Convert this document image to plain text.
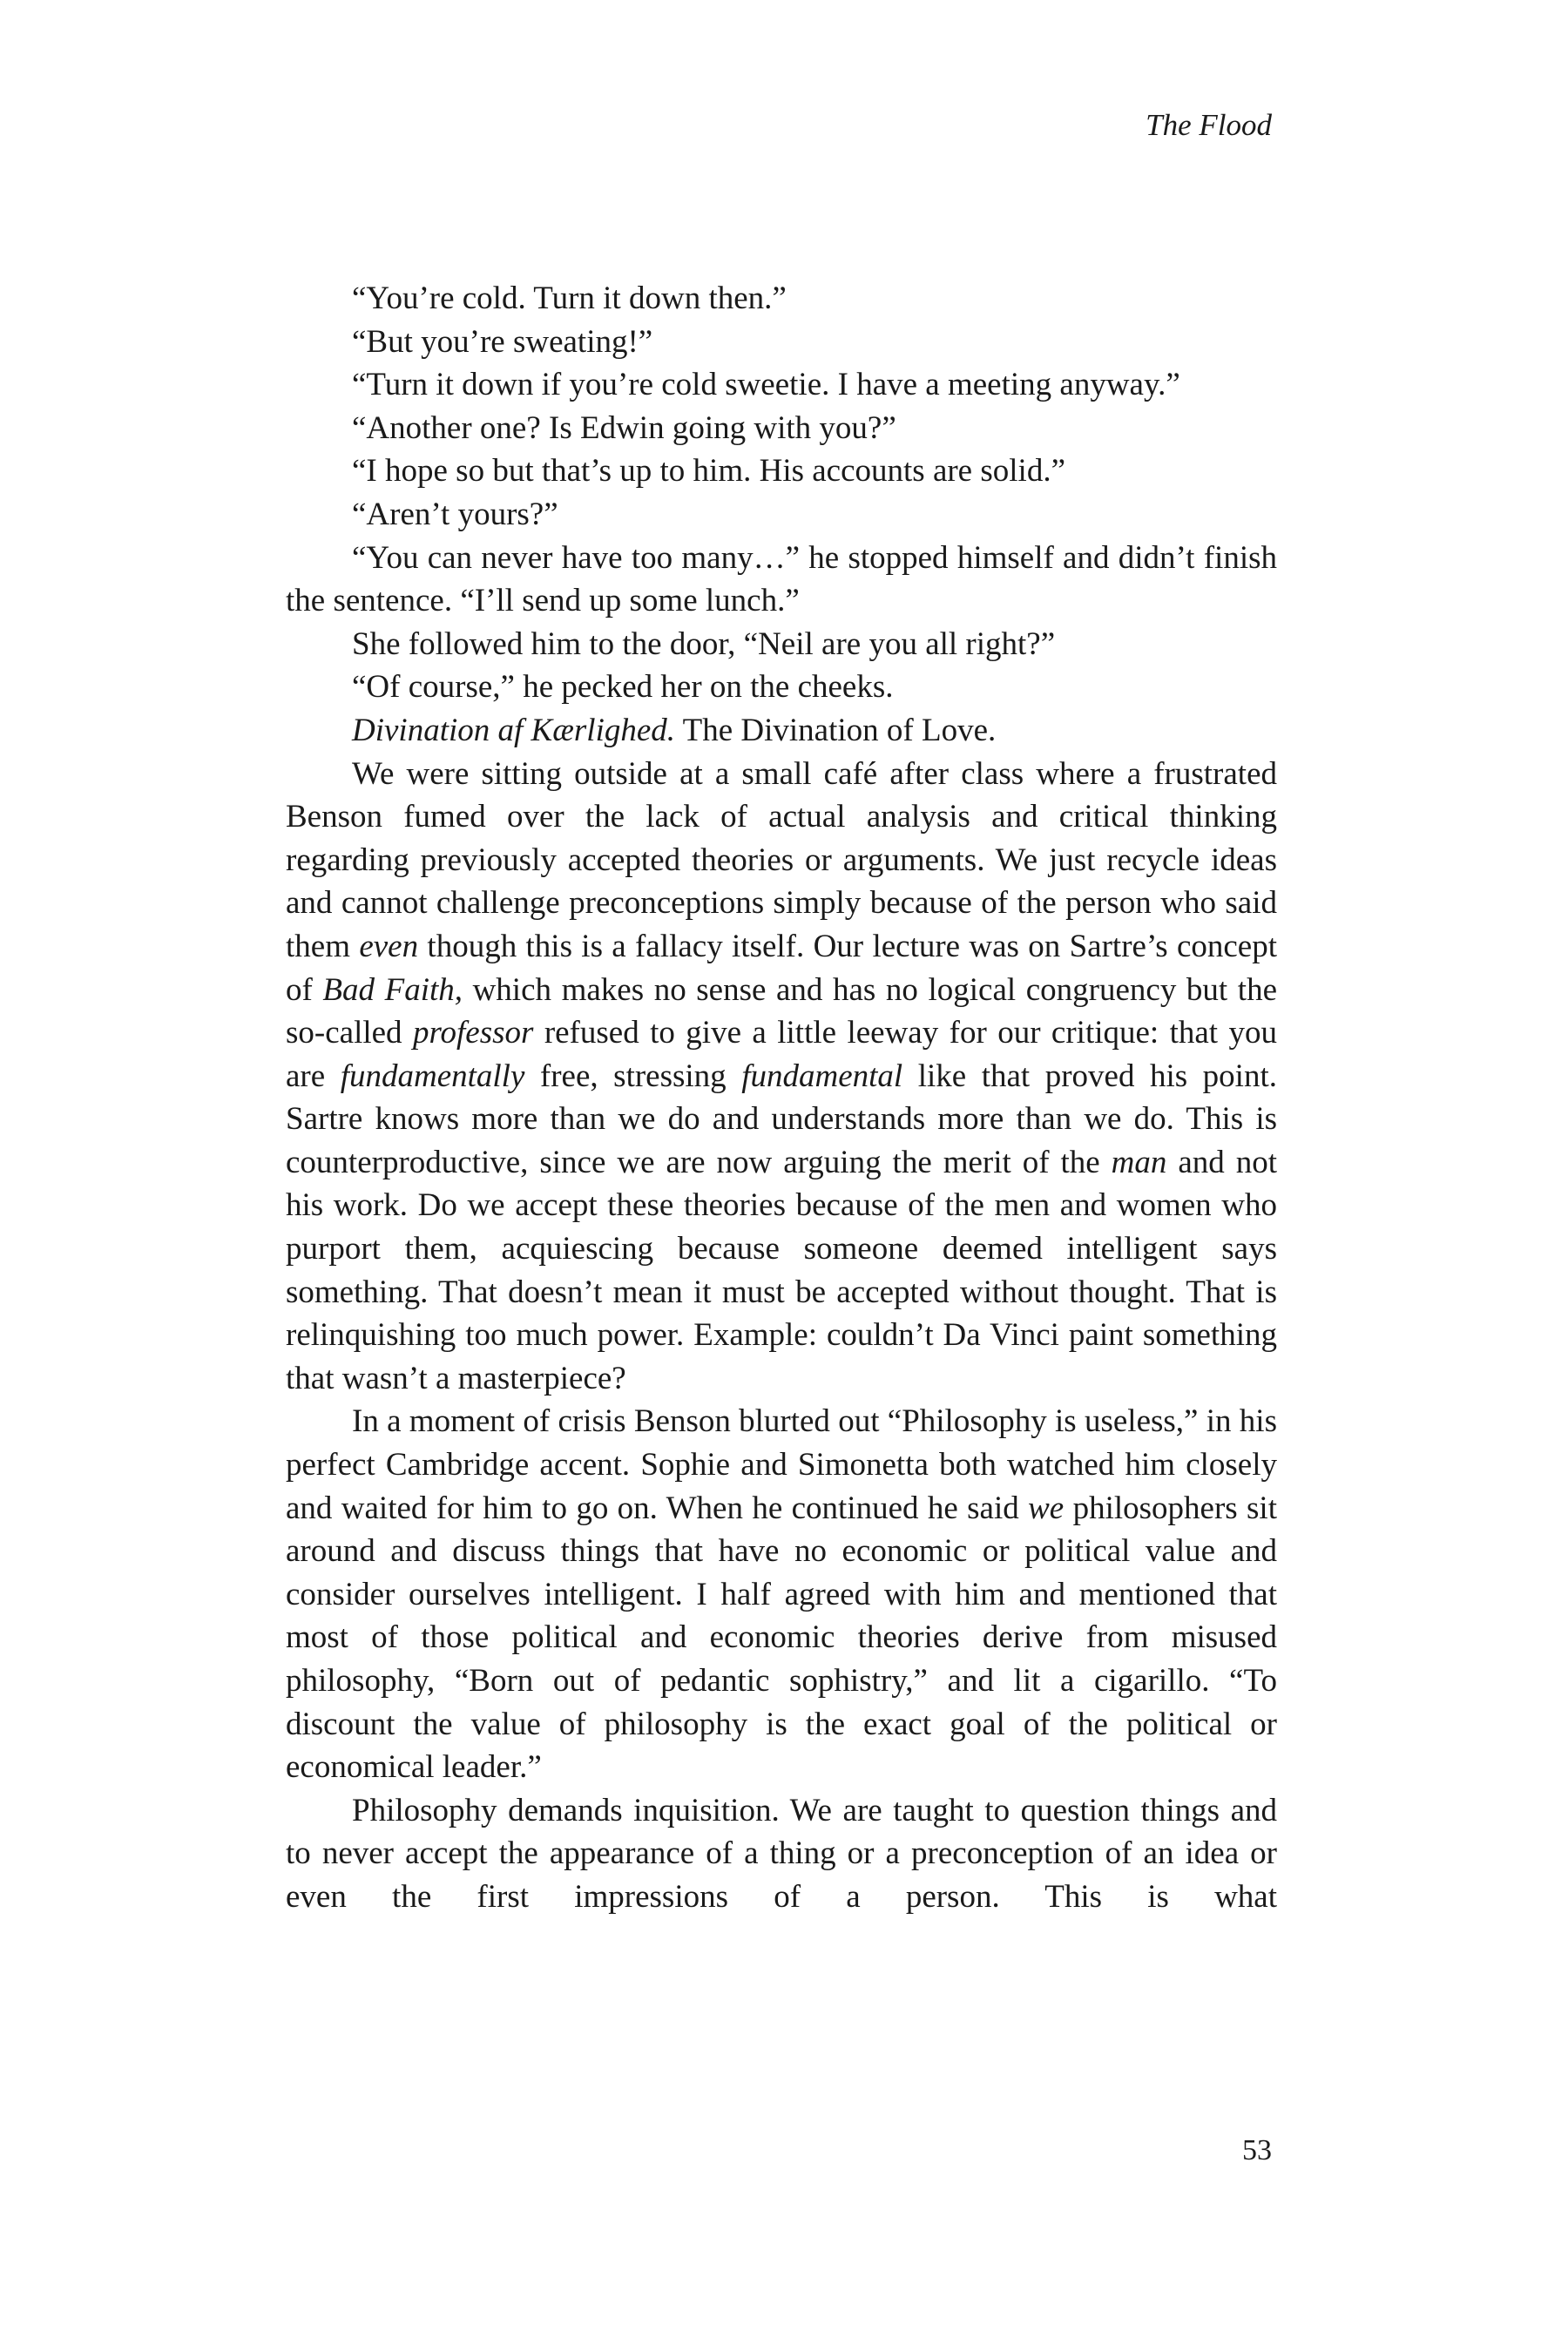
The Flood

“You’re cold. Turn it down then.”

“But you’re sweating!”

“Turn it down if you’re cold sweetie. I have a meeting anyway.”

“Another one? Is Edwin going with you?”

“I hope so but that’s up to him. His accounts are solid.”

“Aren’t yours?”

“You can never have too many…” he stopped himself and didn’t finish the sentence. “I’ll send up some lunch.”

She followed him to the door, “Neil are you all right?”

“Of course,” he pecked her on the cheeks.

Divination af Kærlighed. The Divination of Love.

We were sitting outside at a small café after class where a frustrated Benson fumed over the lack of actual analysis and critical thinking regarding previously accepted theories or arguments. We just recycle ideas and cannot challenge preconceptions simply because of the person who said them even though this is a fallacy itself. Our lecture was on Sartre’s concept of Bad Faith, which makes no sense and has no logical congruency but the so-called professor refused to give a little leeway for our critique: that you are fundamentally free, stressing fundamental like that proved his point. Sartre knows more than we do and understands more than we do. This is counterproductive, since we are now arguing the merit of the man and not his work. Do we accept these theories because of the men and women who purport them, acquiescing because someone deemed intelligent says something. That doesn’t mean it must be accepted without thought. That is relinquishing too much power. Example: couldn’t Da Vinci paint something that wasn’t a masterpiece?

In a moment of crisis Benson blurted out “Philosophy is useless,” in his perfect Cambridge accent. Sophie and Simonetta both watched him closely and waited for him to go on. When he continued he said we philosophers sit around and discuss things that have no economic or political value and consider ourselves intelligent. I half agreed with him and mentioned that most of those political and economic theories derive from misused philosophy, “Born out of pedantic sophistry,” and lit a cigarillo. “To discount the value of philosophy is the exact goal of the political or economical leader.”

Philosophy demands inquisition. We are taught to question things and to never accept the appearance of a thing or a preconception of an idea or even the first impressions of a person. This is what

53
